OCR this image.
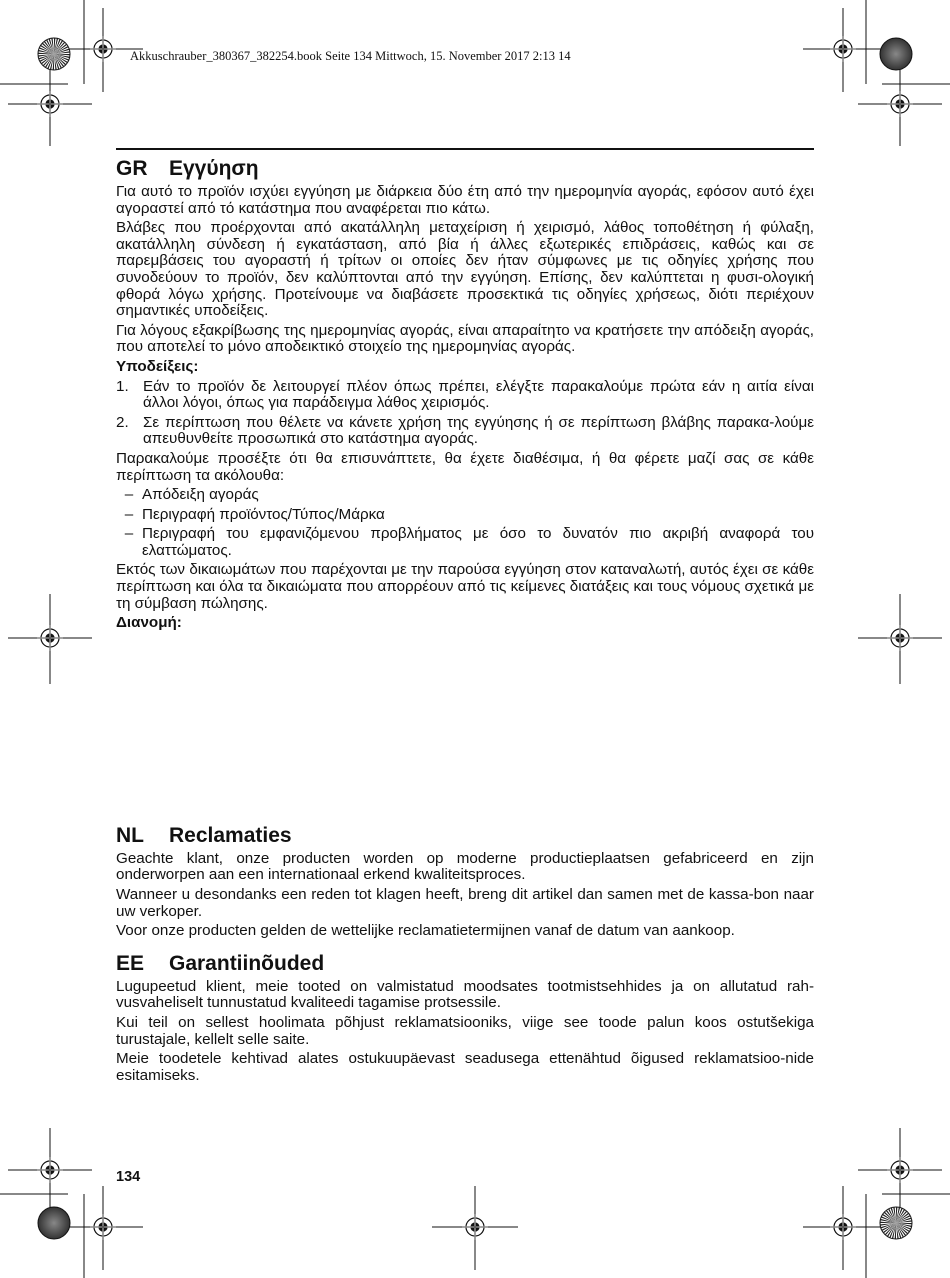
Akkuschrauber_380367_382254.book Seite 134 Mittwoch, 15. November 2017 2:13 14
GR	Εγγύηση

Για αυτό το προϊόν ισχύει εγγύηση με διάρκεια δύο έτη από την ημερομηνία αγοράς, εφόσον αυτό έχει αγοραστεί από τό κατάστημα που αναφέρεται πιο κάτω.

Βλάβες που προέρχονται από ακατάλληλη μεταχείριση ή χειρισμό, λάθος τοποθέτηση ή φύλαξη, ακατάλληλη σύνδεση ή εγκατάσταση, από βία ή άλλες εξωτερικές επιδράσεις, καθώς και σε παρεμβάσεις του αγοραστή ή τρίτων οι οποίες δεν ήταν σύμφωνες με τις οδηγίες χρήσης που συνοδεύουν το προϊόν, δεν καλύπτονται από την εγγύηση. Επίσης, δεν καλύπτεται η φυσι-ολογική φθορά λόγω χρήσης. Προτείνουμε να διαβάσετε προσεκτικά τις οδηγίες χρήσεως, διότι περιέχουν σημαντικές υποδείξεις.

Για λόγους εξακρίβωσης της ημερομηνίας αγοράς, είναι απαραίτητο να κρατήσετε την απόδειξη αγοράς, που αποτελεί το μόνο αποδεικτικό στοιχείο της ημερομηνίας αγοράς.

Υποδείξεις:

1. Εάν το προϊόν δε λειτουργεί πλέον όπως πρέπει, ελέγξτε παρακαλούμε πρώτα εάν η αιτία είναι άλλοι λόγοι, όπως για παράδειγμα λάθος χειρισμός.
2. Σε περίπτωση που θέλετε να κάνετε χρήση της εγγύησης ή σε περίπτωση βλάβης παρακα-λούμε απευθυνθείτε προσωπικά στο κατάστημα αγοράς.

Παρακαλούμε προσέξτε ότι θα επισυνάπτετε, θα έχετε διαθέσιμα, ή θα φέρετε μαζί σας σε κάθε περίπτωση τα ακόλουθα:

– Απόδειξη αγοράς
– Περιγραφή προϊόντος/Τύπος/Μάρκα
– Περιγραφή του εμφανιζόμενου προβλήματος με όσο το δυνατόν πιο ακριβή αναφορά του ελαττώματος.

Εκτός των δικαιωμάτων που παρέχονται με την παρούσα εγγύηση στον καταναλωτή, αυτός έχει σε κάθε περίπτωση και όλα τα δικαιώματα που απορρέουν από τις κείμενες διατάξεις και τους νόμους σχετικά με τη σύμβαση πώλησης.

Διανομή:

NL	Reclamaties

Geachte klant, onze producten worden op moderne productieplaatsen gefabriceerd en zijn onderworpen aan een internationaal erkend kwaliteitsproces.

Wanneer u desondanks een reden tot klagen heeft, breng dit artikel dan samen met de kassa-bon naar uw verkoper.

Voor onze producten gelden de wettelijke reclamatietermijnen vanaf de datum van aankoop.

EE	Garantiinõuded

Lugupeetud klient, meie tooted on valmistatud moodsates tootmistsehhides ja on allutatud rah-vusvaheliselt tunnustatud kvaliteedi tagamise protsessile.

Kui teil on sellest hoolimata põhjust reklamatsiooniks, viige see toode palun koos ostutšekiga turustajale, kellelt selle saite.

Meie toodetele kehtivad alates ostukuupäevast seadusega ettenähtud õigused reklamatsioo-nide esitamiseks.

134
